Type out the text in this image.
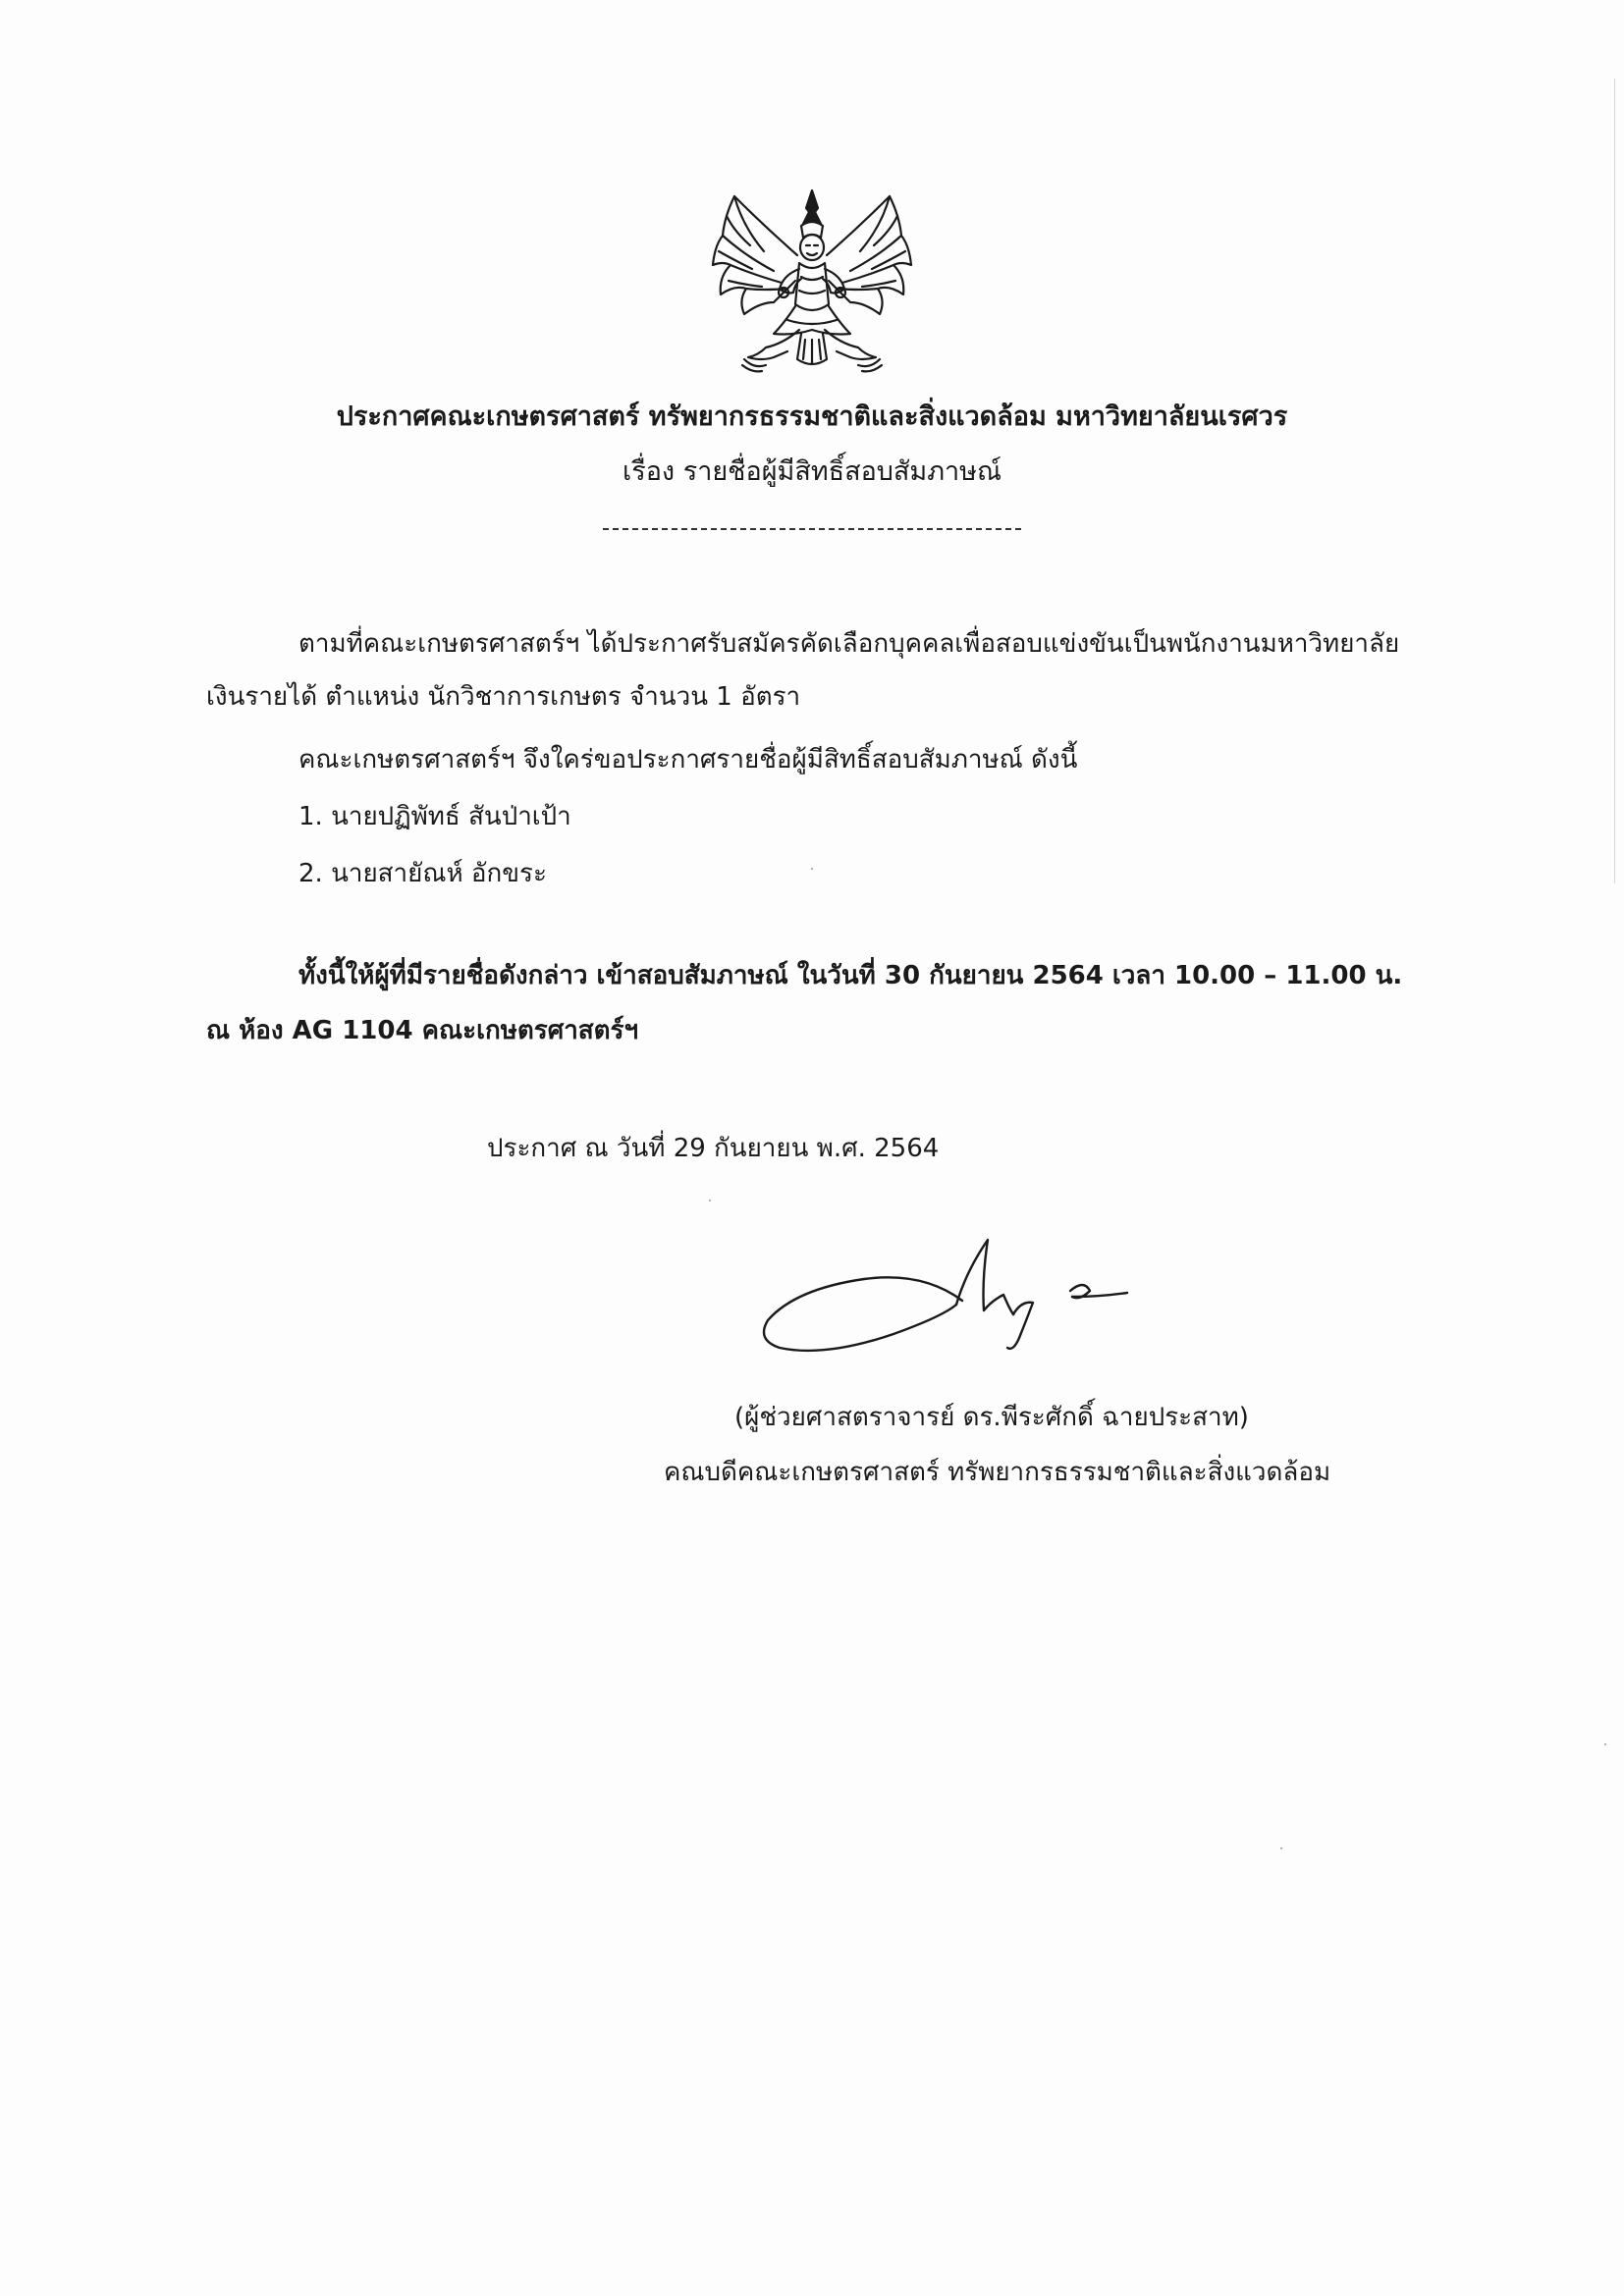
ประกาศคณะเกษตรศาสตร์ ทรัพยากรธรรมชาติและสิ่งแวดล้อม มหาวิทยาลัยนเรศวร
เรื่อง รายชื่อผู้มีสิทธิ์สอบสัมภาษณ์
ตามที่คณะเกษตรศาสตร์ฯ ได้ประกาศรับสมัครคัดเลือกบุคคลเพื่อสอบแข่งขันเป็นพนักงานมหาวิทยาลัย
เงินรายได้ ตำแหน่ง นักวิชาการเกษตร จำนวน 1 อัตรา
คณะเกษตรศาสตร์ฯ จึงใคร่ขอประกาศรายชื่อผู้มีสิทธิ์สอบสัมภาษณ์ ดังนี้
1. นายปฏิพัทธ์ สันป่าเป้า
2. นายสายัณห์ อักขระ
ทั้งนี้ให้ผู้ที่มีรายชื่อดังกล่าว เข้าสอบสัมภาษณ์ ในวันที่ 30 กันยายน 2564 เวลา 10.00 – 11.00 น.
ณ ห้อง AG 1104 คณะเกษตรศาสตร์ฯ
ประกาศ ณ วันที่ 29 กันยายน พ.ศ. 2564
(ผู้ช่วยศาสตราจารย์ ดร.พีระศักดิ์ ฉายประสาท)
คณบดีคณะเกษตรศาสตร์ ทรัพยากรธรรมชาติและสิ่งแวดล้อม
